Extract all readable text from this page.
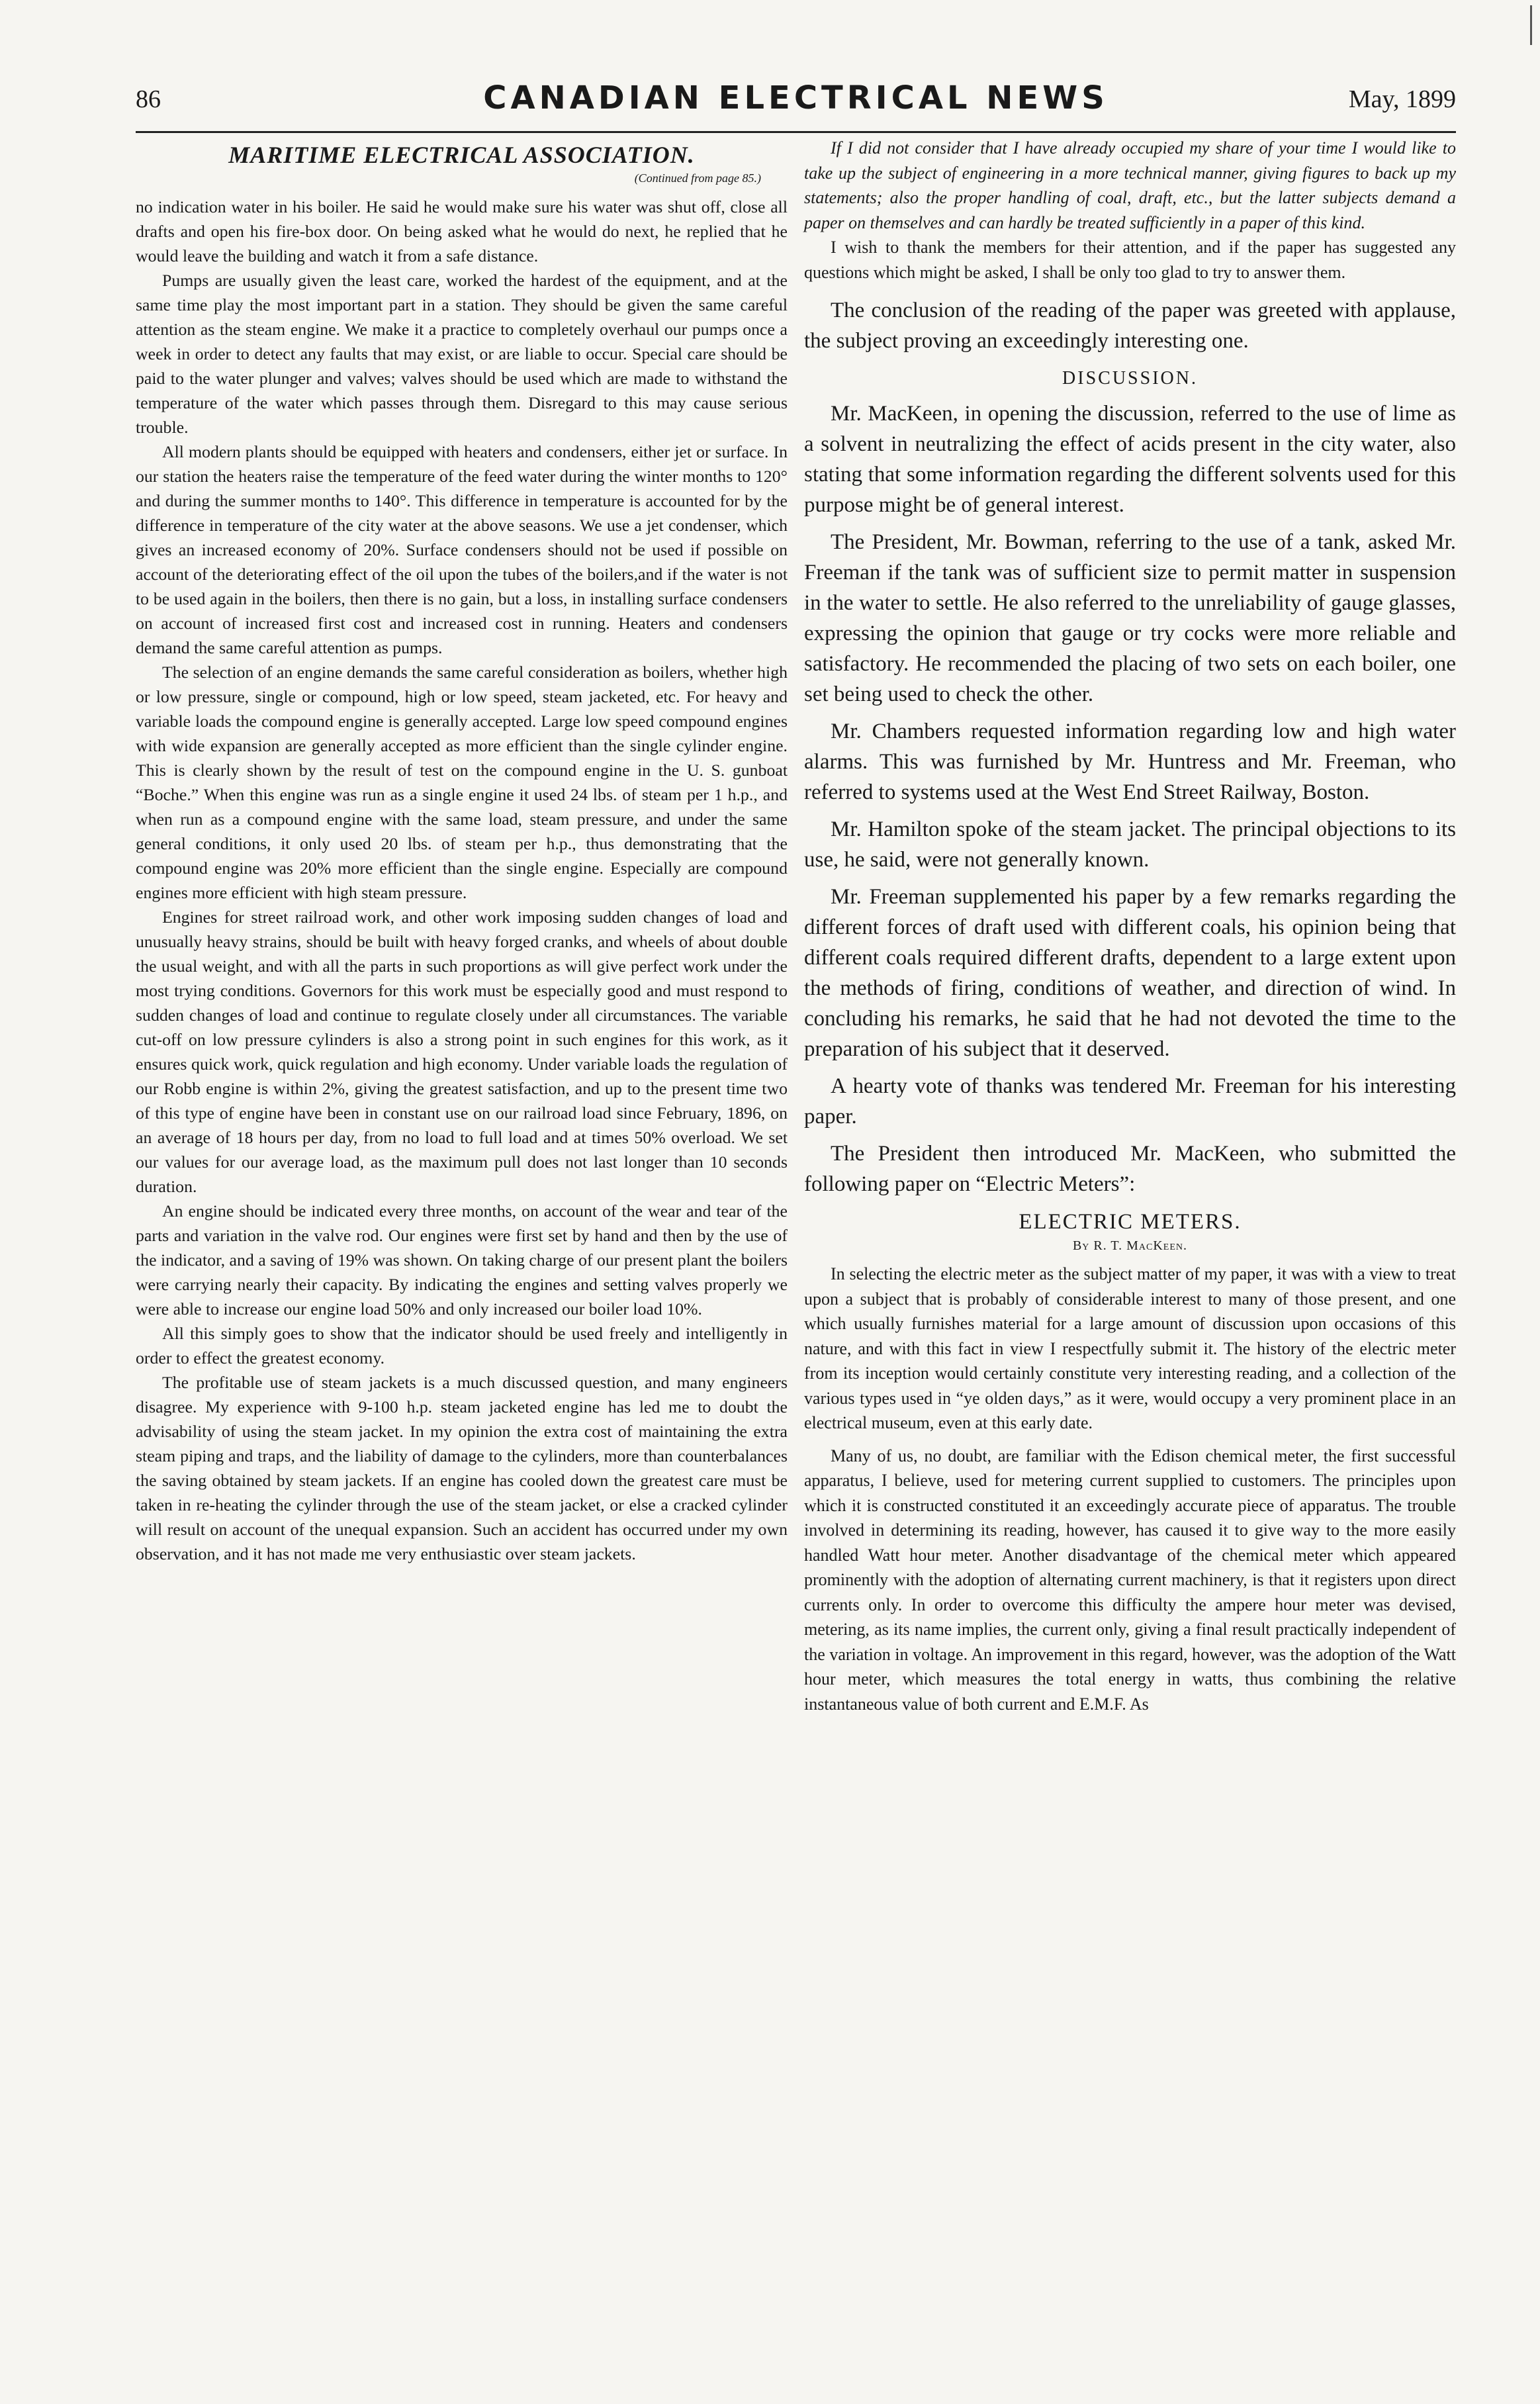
86	CANADIAN ELECTRICAL NEWS	May, 1899
MARITIME ELECTRICAL ASSOCIATION.
(Continued from page 85.)

no indication water in his boiler. He said he would make sure his water was shut off, close all drafts and open his fire-box door. On being asked what he would do next, he replied that he would leave the building and watch it from a safe distance.

Pumps are usually given the least care, worked the hardest of the equipment, and at the same time play the most important part in a station. They should be given the same careful attention as the steam engine. We make it a practice to completely overhaul our pumps once a week in order to detect any faults that may exist, or are liable to occur. Special care should be paid to the water plunger and valves; valves should be used which are made to withstand the temperature of the water which passes through them. Disregard to this may cause serious trouble.

All modern plants should be equipped with heaters and condensers, either jet or surface. In our station the heaters raise the temperature of the feed water during the winter months to 120° and during the summer months to 140°. This difference in temperature is accounted for by the difference in temperature of the city water at the above seasons. We use a jet condenser, which gives an increased economy of 20%. Surface condensers should not be used if possible on account of the deteriorating effect of the oil upon the tubes of the boilers,and if the water is not to be used again in the boilers, then there is no gain, but a loss, in installing surface condensers on account of increased first cost and increased cost in running. Heaters and condensers demand the same careful attention as pumps.

The selection of an engine demands the same careful consideration as boilers, whether high or low pressure, single or compound, high or low speed, steam jacketed, etc. For heavy and variable loads the compound engine is generally accepted. Large low speed compound engines with wide expansion are generally accepted as more efficient than the single cylinder engine. This is clearly shown by the result of test on the compound engine in the U. S. gunboat “Boche.” When this engine was run as a single engine it used 24 lbs. of steam per 1 h.p., and when run as a compound engine with the same load, steam pressure, and under the same general conditions, it only used 20 lbs. of steam per h.p., thus demonstrating that the compound engine was 20% more efficient than the single engine. Especially are compound engines more efficient with high steam pressure.

Engines for street railroad work, and other work imposing sudden changes of load and unusually heavy strains, should be built with heavy forged cranks, and wheels of about double the usual weight, and with all the parts in such proportions as will give perfect work under the most trying conditions. Governors for this work must be especially good and must respond to sudden changes of load and continue to regulate closely under all circumstances. The variable cut-off on low pressure cylinders is also a strong point in such engines for this work, as it ensures quick work, quick regulation and high economy. Under variable loads the regulation of our Robb engine is within 2%, giving the greatest satisfaction, and up to the present time two of this type of engine have been in constant use on our railroad load since February, 1896, on an average of 18 hours per day, from no load to full load and at times 50% overload. We set our values for our average load, as the maximum pull does not last longer than 10 seconds duration.

An engine should be indicated every three months, on account of the wear and tear of the parts and variation in the valve rod. Our engines were first set by hand and then by the use of the indicator, and a saving of 19% was shown. On taking charge of our present plant the boilers were carrying nearly their capacity. By indicating the engines and setting valves properly we were able to increase our engine load 50% and only increased our boiler load 10%.

All this simply goes to show that the indicator should be used freely and intelligently in order to effect the greatest economy.

The profitable use of steam jackets is a much discussed question, and many engineers disagree. My experience with 9-100 h.p. steam jacketed engine has led me to doubt the advisability of using the steam jacket. In my opinion the extra cost of maintaining the extra steam piping and traps, and the liability of damage to the cylinders, more than counterbalances the saving obtained by steam jackets. If an engine has cooled down the greatest care must be taken in re-heating the cylinder through the use of the steam jacket, or else a cracked cylinder will result on account of the unequal expansion. Such an accident has occurred under my own observation, and it has not made me very enthusiastic over steam jackets.

If I did not consider that I have already occupied my share of your time I would like to take up the subject of engineering in a more technical manner, giving figures to back up my statements; also the proper handling of coal, draft, etc., but the latter subjects demand a paper on themselves and can hardly be treated sufficiently in a paper of this kind.

I wish to thank the members for their attention, and if the paper has suggested any questions which might be asked, I shall be only too glad to try to answer them.

The conclusion of the reading of the paper was greeted with applause, the subject proving an exceedingly interesting one.

DISCUSSION.

Mr. MacKeen, in opening the discussion, referred to the use of lime as a solvent in neutralizing the effect of acids present in the city water, also stating that some information regarding the different solvents used for this purpose might be of general interest.

The President, Mr. Bowman, referring to the use of a tank, asked Mr. Freeman if the tank was of sufficient size to permit matter in suspension in the water to settle. He also referred to the unreliability of gauge glasses, expressing the opinion that gauge or try cocks were more reliable and satisfactory. He recommended the placing of two sets on each boiler, one set being used to check the other.

Mr. Chambers requested information regarding low and high water alarms. This was furnished by Mr. Huntress and Mr. Freeman, who referred to systems used at the West End Street Railway, Boston.

Mr. Hamilton spoke of the steam jacket. The principal objections to its use, he said, were not generally known.

Mr. Freeman supplemented his paper by a few remarks regarding the different forces of draft used with different coals, his opinion being that different coals required different drafts, dependent to a large extent upon the methods of firing, conditions of weather, and direction of wind. In concluding his remarks, he said that he had not devoted the time to the preparation of his subject that it deserved.

A hearty vote of thanks was tendered Mr. Freeman for his interesting paper.

The President then introduced Mr. MacKeen, who submitted the following paper on “Electric Meters”:

ELECTRIC METERS.
By R. T. MacKeen.

In selecting the electric meter as the subject matter of my paper, it was with a view to treat upon a subject that is probably of considerable interest to many of those present, and one which usually furnishes material for a large amount of discussion upon occasions of this nature, and with this fact in view I respectfully submit it. The history of the electric meter from its inception would certainly constitute very interesting reading, and a collection of the various types used in “ye olden days,” as it were, would occupy a very prominent place in an electrical museum, even at this early date.

Many of us, no doubt, are familiar with the Edison chemical meter, the first successful apparatus, I believe, used for metering current supplied to customers. The principles upon which it is constructed constituted it an exceedingly accurate piece of apparatus. The trouble involved in determining its reading, however, has caused it to give way to the more easily handled Watt hour meter. Another disadvantage of the chemical meter which appeared prominently with the adoption of alternating current machinery, is that it registers upon direct currents only. In order to overcome this difficulty the ampere hour meter was devised, metering, as its name implies, the current only, giving a final result practically independent of the variation in voltage. An improvement in this regard, however, was the adoption of the Watt hour meter, which measures the total energy in watts, thus combining the relative instantaneous value of both current and E.M.F. As
